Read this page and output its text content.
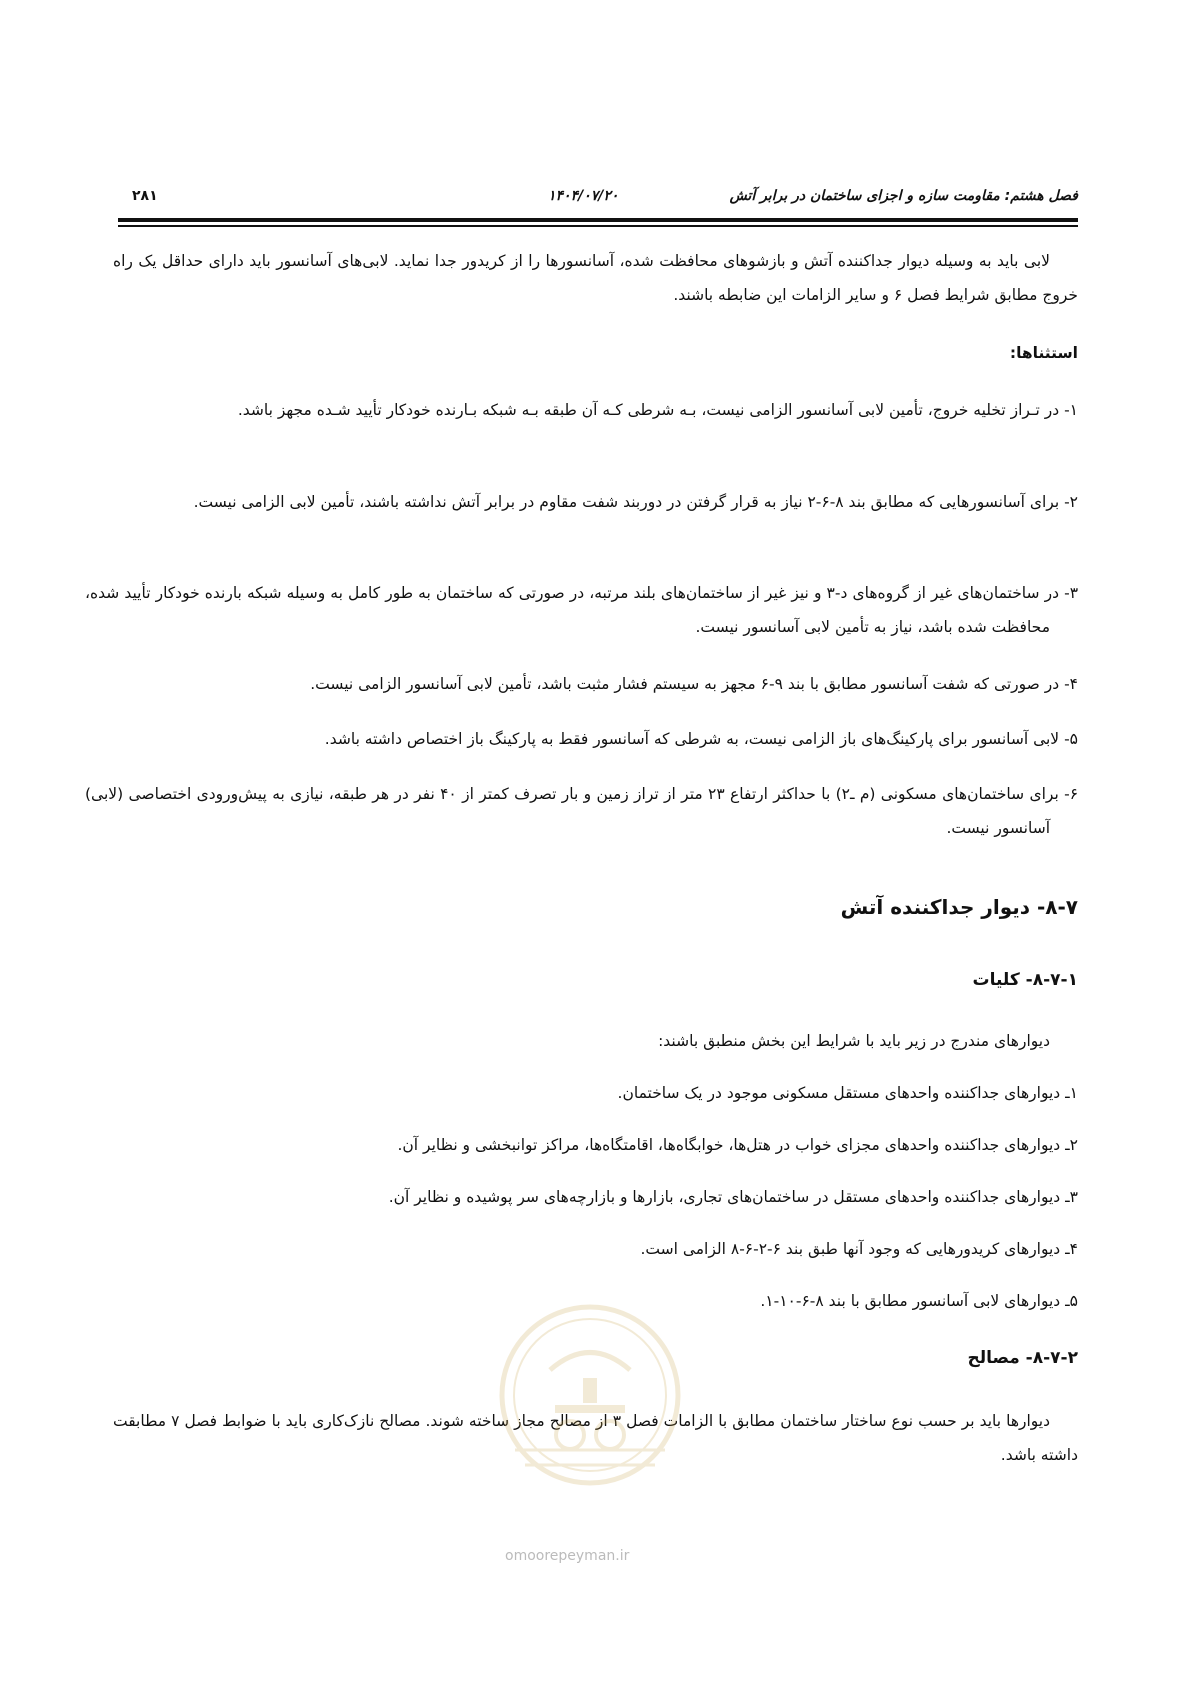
فصل هشتم: مقاومت سازه و اجزای ساختمان در برابر آتش
۱۴۰۴/۰۷/۲۰
۲۸۱
لابی باید به وسیله دیوار جداکننده آتش و بازشوهای محافظت شده، آسانسورها را از کریدور جدا نماید. لابی‌های آسانسور باید دارای حداقل یک راه خروج مطابق شرایط فصل ۶ و سایر الزامات این ضابطه باشند.
استثناها:
۱- در تـراز تخلیه خروج، تأمین لابی آسانسور الزامی نیست، بـه شرطی کـه آن طبقه بـه شبکه بـارنده خودکار تأیید شـده مجهز باشد.
۲- برای آسانسورهایی که مطابق بند ۸-۶-۲ نیاز به قرار گرفتن در دوربند شفت مقاوم در برابر آتش نداشته باشند، تأمین لابی الزامی نیست.
۳- در ساختمان‌های غیر از گروه‌های د-۳ و نیز غیر از ساختمان‌های بلند مرتبه، در صورتی که ساختمان به طور کامل به وسیله شبکه بارنده خودکار تأیید شده، محافظت شده باشد، نیاز به تأمین لابی آسانسور نیست.
۴- در صورتی که شفت آسانسور مطابق با بند ۹-۶ مجهز به سیستم فشار مثبت باشد، تأمین لابی آسانسور الزامی نیست.
۵- لابی آسانسور برای پارکینگ‌های باز الزامی نیست، به شرطی که آسانسور فقط به پارکینگ باز اختصاص داشته باشد.
۶- برای ساختمان‌های مسکونی (م ـ۲) با حداکثر ارتفاع ۲۳ متر از تراز زمین و بار تصرف کمتر از ۴۰ نفر در هر طبقه، نیازی به پیش‌ورودی اختصاصی (لابی) آسانسور نیست.
۸-۷- دیوار جداکننده آتش
۸-۷-۱- کلیات
دیوارهای مندرج در زیر باید با شرایط این بخش منطبق باشند:
۱ـ دیوارهای جداکننده واحدهای مستقل مسکونی موجود در یک ساختمان.
۲ـ دیوارهای جداکننده واحدهای مجزای خواب در هتل‌ها، خوابگاه‌ها، اقامتگاه‌ها، مراکز توانبخشی و نظایر آن.
۳ـ دیوارهای جداکننده واحدهای مستقل در ساختمان‌های تجاری، بازارها و بازارچه‌های سر پوشیده و نظایر آن.
۴ـ دیوارهای کریدورهایی که وجود آنها طبق بند ۶-۲-۶-۸ الزامی است.
۵ـ دیوارهای لابی آسانسور مطابق با بند ۸-۶-۱۰-۱.
۸-۷-۲- مصالح
دیوارها باید بر حسب نوع ساختار ساختمان مطابق با الزامات فصل ۳ از مصالح مجاز ساخته شوند. مصالح نازک‌کاری باید با ضوابط فصل ۷ مطابقت داشته باشد.
omoorepeyman.ir
